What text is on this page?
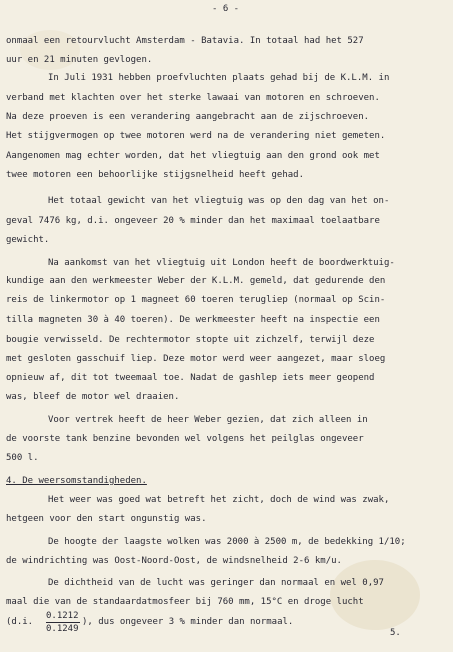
- 6 -
onmaal een retourvlucht Amsterdam - Batavia. In totaal had het 527
uur en 21 minuten gevlogen.
In Juli 1931 hebben proefvluchten plaats gehad bij de K.L.M. in
verband met klachten over het sterke lawaai van motoren en schroeven.
Na deze proeven is een verandering aangebracht aan de zijschroeven.
Het stijgvermogen op twee motoren werd na de verandering niet gemeten.
Aangenomen mag echter worden, dat het vliegtuig aan den grond ook met
twee motoren een behoorlijke stijgsnelheid heeft gehad.
Het totaal gewicht van het vliegtuig was op den dag van het on-
geval 7476 kg, d.i. ongeveer 20 % minder dan het maximaal toelaatbare
gewicht.
Na aankomst van het vliegtuig uit London heeft de boordwerktuig-
kundige aan den werkmeester Weber der K.L.M. gemeld, dat gedurende den
reis de linkermotor op 1 magneet 60 toeren terugliep (normaal op Scin-
tilla magneten 30 à 40 toeren). De werkmeester heeft na inspectie een
bougie verwisseld. De rechtermotor stopte uit zichzelf, terwijl deze
met gesloten gasschuif liep. Deze motor werd weer aangezet, maar sloeg
opnieuw af, dit tot tweemaal toe. Nadat de gashlep iets meer geopend
was, bleef de motor wel draaien.
Voor vertrek heeft de heer Weber gezien, dat zich alleen in
de voorste tank benzine bevonden wel volgens het peilglas ongeveer
500 l.
4. De weersomstandigheden.
Het weer was goed wat betreft het zicht, doch de wind was zwak,
hetgeen voor den start ongunstig was.
De hoogte der laagste wolken was 2000 à 2500 m, de bedekking 1/10;
de windrichting was Oost-Noord-Oost, de windsnelheid 2-6 km/u.
De dichtheid van de lucht was geringer dan normaal en wel 0,97
maal die van de standaardatmosfeer bij 760 mm, 15°C en droge lucht
(d.i.
0.1212
0.1249
), dus ongeveer 3 % minder dan normaal.
5.
